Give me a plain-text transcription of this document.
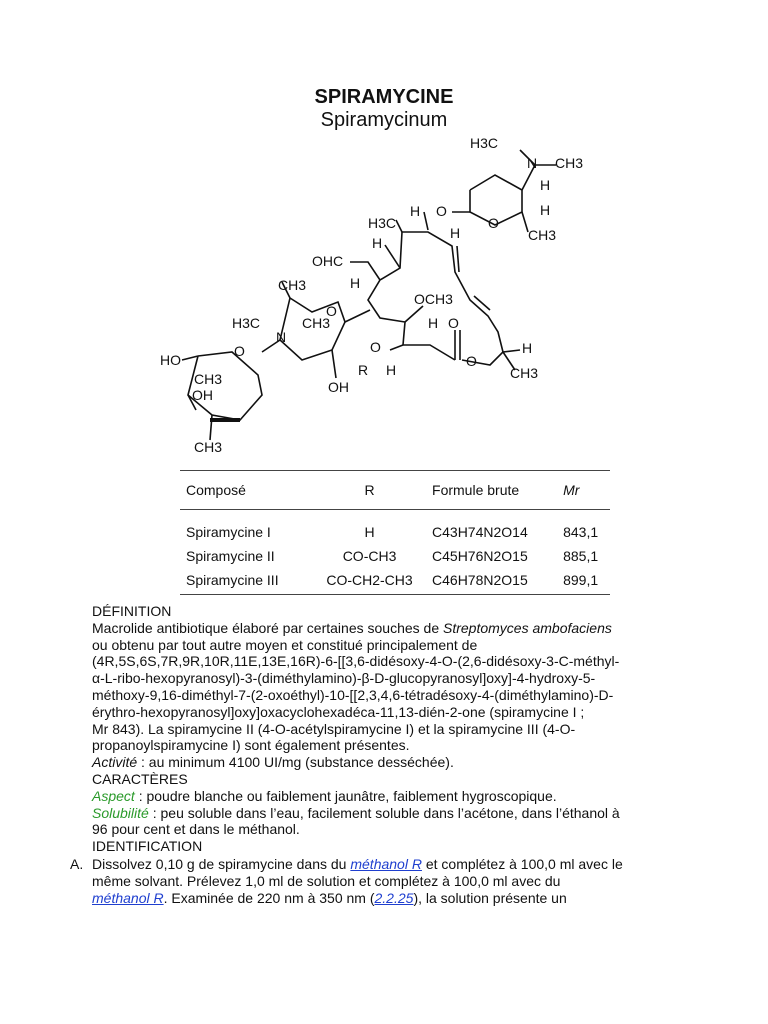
SPIRAMYCINE
Spiramycinum
H3C
N CH3
H
H
CH3
O
O
H3C
H
H
H
OHC
H
OCH3
H O
O
H
CH3
O
R H
CH3
O
H3C
N
CH3
OH
HO
O
CH3
OH
CH3
Composé	R	Formule brute	Mr
Spiramycine I	H	C43H74N2O14	843,1
Spiramycine II	CO-CH3	C45H76N2O15	885,1
Spiramycine III	CO-CH2-CH3	C46H78N2O15	899,1

DÉFINITION

Macrolide antibiotique élaboré par certaines souches de Streptomyces ambofaciens

ou obtenu par tout autre moyen et constitué principalement de

(4R,5S,6S,7R,9R,10R,11E,13E,16R)-6-[[3,6-didésoxy-4-O-(2,6-didésoxy-3-C-méthyl-

α-L-ribo-hexopyranosyl)-3-(diméthylamino)-β-D-glucopyranosyl]oxy]-4-hydroxy-5-

méthoxy-9,16-diméthyl-7-(2-oxoéthyl)-10-[[2,3,4,6-tétradésoxy-4-(diméthylamino)-D-

érythro-hexopyranosyl]oxy]oxacyclohexadéca-11,13-dién-2-one (spiramycine I ;

Mr 843). La spiramycine II (4-O-acétylspiramycine I) et la spiramycine III (4-O-

propanoylspiramycine I) sont également présentes.

Activité : au minimum 4100 UI/mg (substance desséchée).

CARACTÈRES

Aspect : poudre blanche ou faiblement jaunâtre, faiblement hygroscopique.

Solubilité : peu soluble dans l’eau, facilement soluble dans l’acétone, dans l’éthanol à

96 pour cent et dans le méthanol.

IDENTIFICATION

A. Dissolvez 0,10 g de spiramycine dans du méthanol R et complétez à 100,0 ml avec le
même solvant. Prélevez 1,0 ml de solution et complétez à 100,0 ml avec du
méthanol R. Examinée de 220 nm à 350 nm (2.2.25), la solution présente un
